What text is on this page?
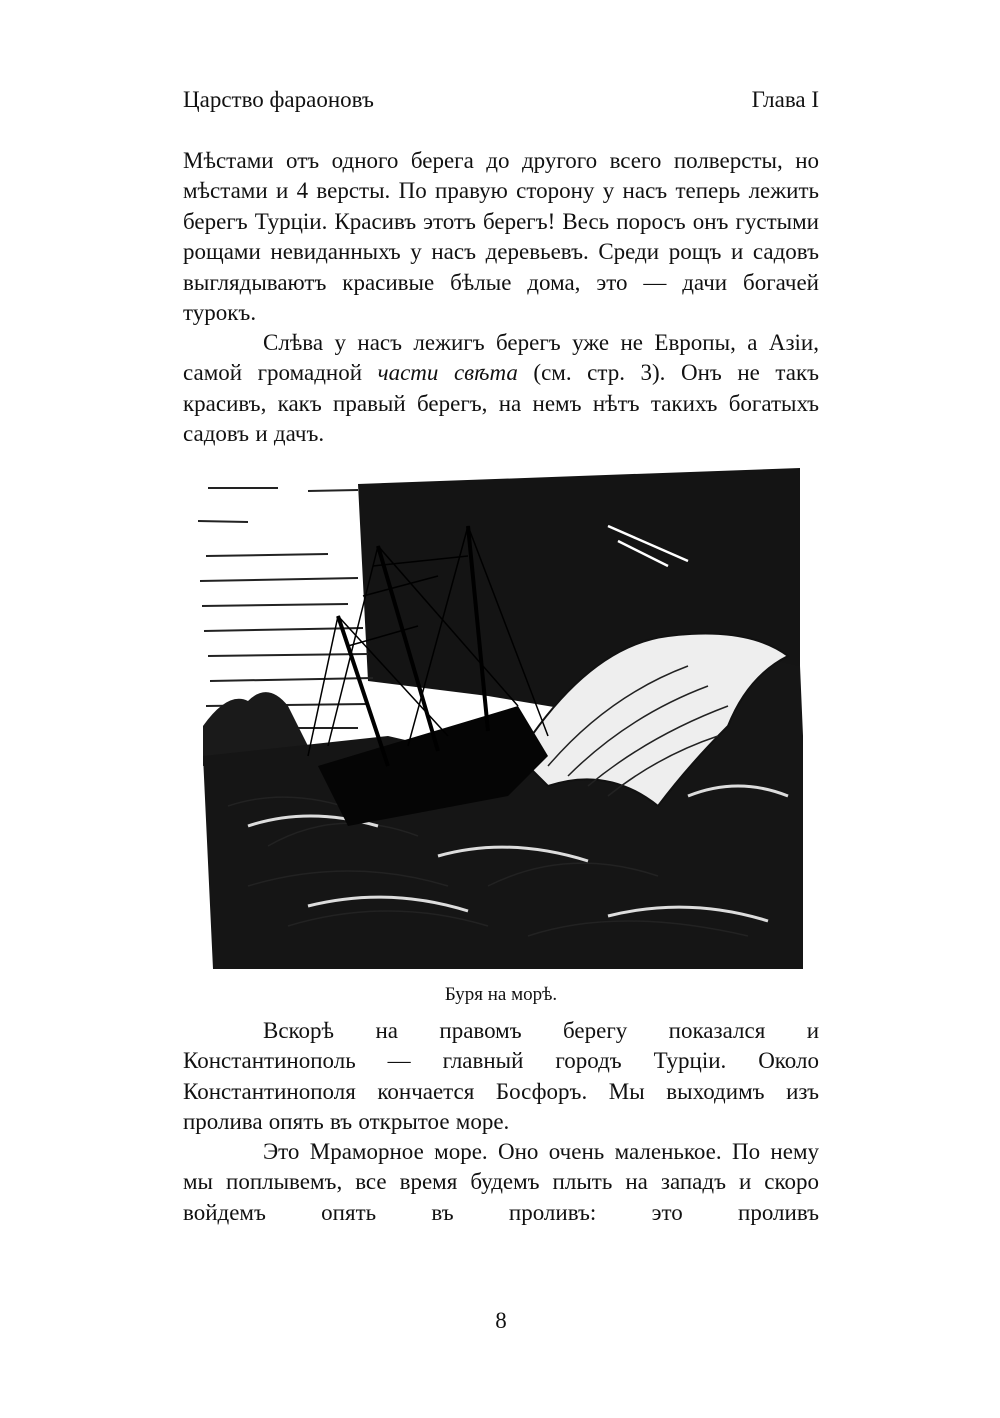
Царство фараоновъ	Глава I

Мѣстами отъ одного берега до другого всего полверсты, но мѣстами и 4 версты. По правую сторону у насъ теперь лежить берегъ Турціи. Красивъ этотъ берегъ! Весь поросъ онъ густыми рощами невиданныхъ у насъ деревьевъ. Среди рощъ и садовъ выглядываютъ красивые бѣлые дома, это — дачи богачей турокъ.

Слѣва у насъ лежигъ берегъ уже не Европы, а Азіи, самой громадной части свѣта (см. стр. 3). Онъ не такъ красивъ, какъ правый берегъ, на немъ нѣтъ такихъ богатыхъ садовъ и дачъ.

Буря на морѣ.

Вскорѣ на правомъ берегу показался и Константинополь — главный городъ Турціи. Около Константинополя кончается Босфоръ. Мы выходимъ изъ пролива опять въ открытое море.

Это Мраморное море. Оно очень маленькое. По нему мы поплывемъ, все время будемъ плыть на западъ и скоро войдемъ опять въ проливъ: это проливъ

8
